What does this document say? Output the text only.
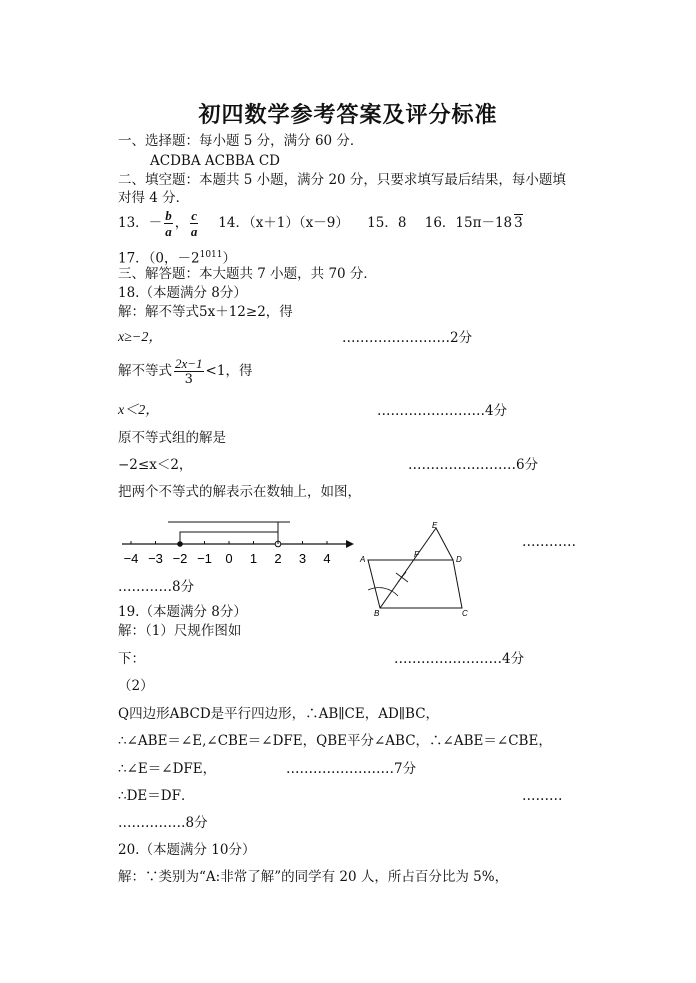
初四数学参考答案及评分标准
一、选择题：每小题 5 分，满分 60 分．
ACDBA ACBBA CD
二、填空题：本题共 5 小题，满分 20 分，只要求填写最后结果，每小题填
对得 4 分．
13．－ $\frac{b}{a}$ ， $\frac{c}{a} 14$．（x＋1）（x－9） 15．8 16．15π－18 3
17．（0，$-2^{1011}$）
三、解答题：本大题共 7 小题，共 70 分．
18.（本题满分 8分）
解：解不等式5x＋12≥2，得
x≥−2，	……………………2分
解不等式 $\frac{2x-1}{3} <1$，得
x＜2，	……………………4分
原不等式组的解是
−2≤x＜2，	……………………6分
把两个不等式的解表示在数轴上，如图，
−4 −3 −2 −1 0 1 2 3 4	A
B	C
D
E
F
…………
…………8分
19.（本题满分 8分）
解：（1）尺规作图如
下：	……………………4分
（2）
Q四边形ABCD是平行四边形，∴AB∥CE，AD∥BC，
∴∠ABE＝∠E,∠CBE＝∠DFE，QBE平分∠ABC，∴∠ABE＝∠CBE，
∴∠E＝∠DFE，	……………………7分
∴DE＝DF．	………
……………8分
20.（本题满分 10分）
解：∵类别为“A:非常了解”的同学有 20 人，所占百分比为 5%，
